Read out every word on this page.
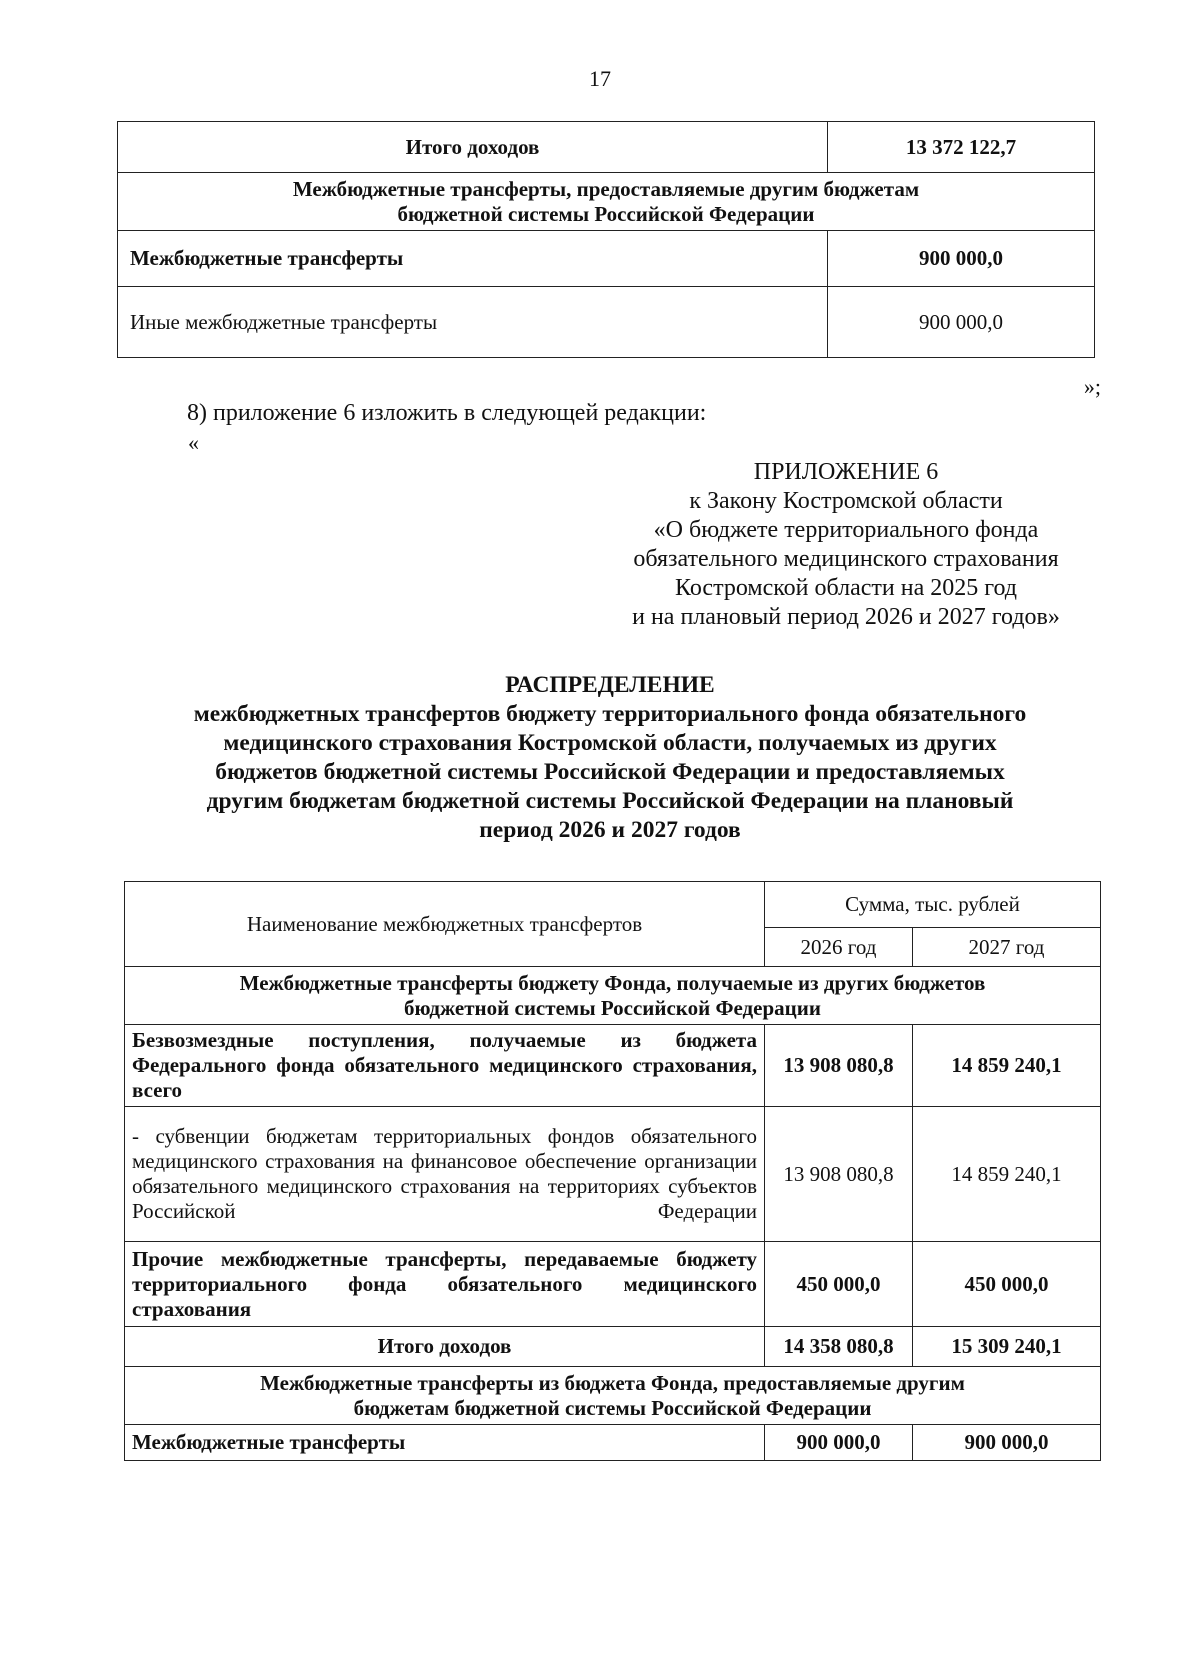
17
Итого доходов	13 372 122,7
Межбюджетные трансферты, предоставляемые другим бюджетам бюджетной системы Российской Федерации	
Межбюджетные трансферты	900 000,0
Иные межбюджетные трансферты	900 000,0
»;
8) приложение 6 изложить в следующей редакции:
«
ПРИЛОЖЕНИЕ 6
к Закону Костромской области
«О бюджете территориального фонда
обязательного медицинского страхования
Костромской области на 2025 год
и на плановый период 2026 и 2027 годов»
РАСПРЕДЕЛЕНИЕ
межбюджетных трансфертов бюджету территориального фонда обязательного
медицинского страхования Костромской области, получаемых из других
бюджетов бюджетной системы Российской Федерации и предоставляемых
другим бюджетам бюджетной системы Российской Федерации на плановый
период 2026 и 2027 годов
Наименование межбюджетных трансфертов	Сумма, тыс. рублей	
	2026 год	2027 год
Межбюджетные трансферты бюджету Фонда, получаемые из других бюджетов бюджетной системы Российской Федерации		
Безвозмездные поступления, получаемые из бюджета Федерального фонда обязательного медицинского страхования, всего	13 908 080,8	14 859 240,1
- субвенции бюджетам территориальных фондов обязательного медицинского страхования на финансовое обеспечение организации обязательного медицинского страхования на территориях субъектов Российской Федерации	13 908 080,8	14 859 240,1
Прочие межбюджетные трансферты, передаваемые бюджету территориального фонда обязательного медицинского страхования	450 000,0	450 000,0
Итого доходов	14 358 080,8	15 309 240,1
Межбюджетные трансферты из бюджета Фонда, предоставляемые другим бюджетам бюджетной системы Российской Федерации		
Межбюджетные трансферты	900 000,0	900 000,0
